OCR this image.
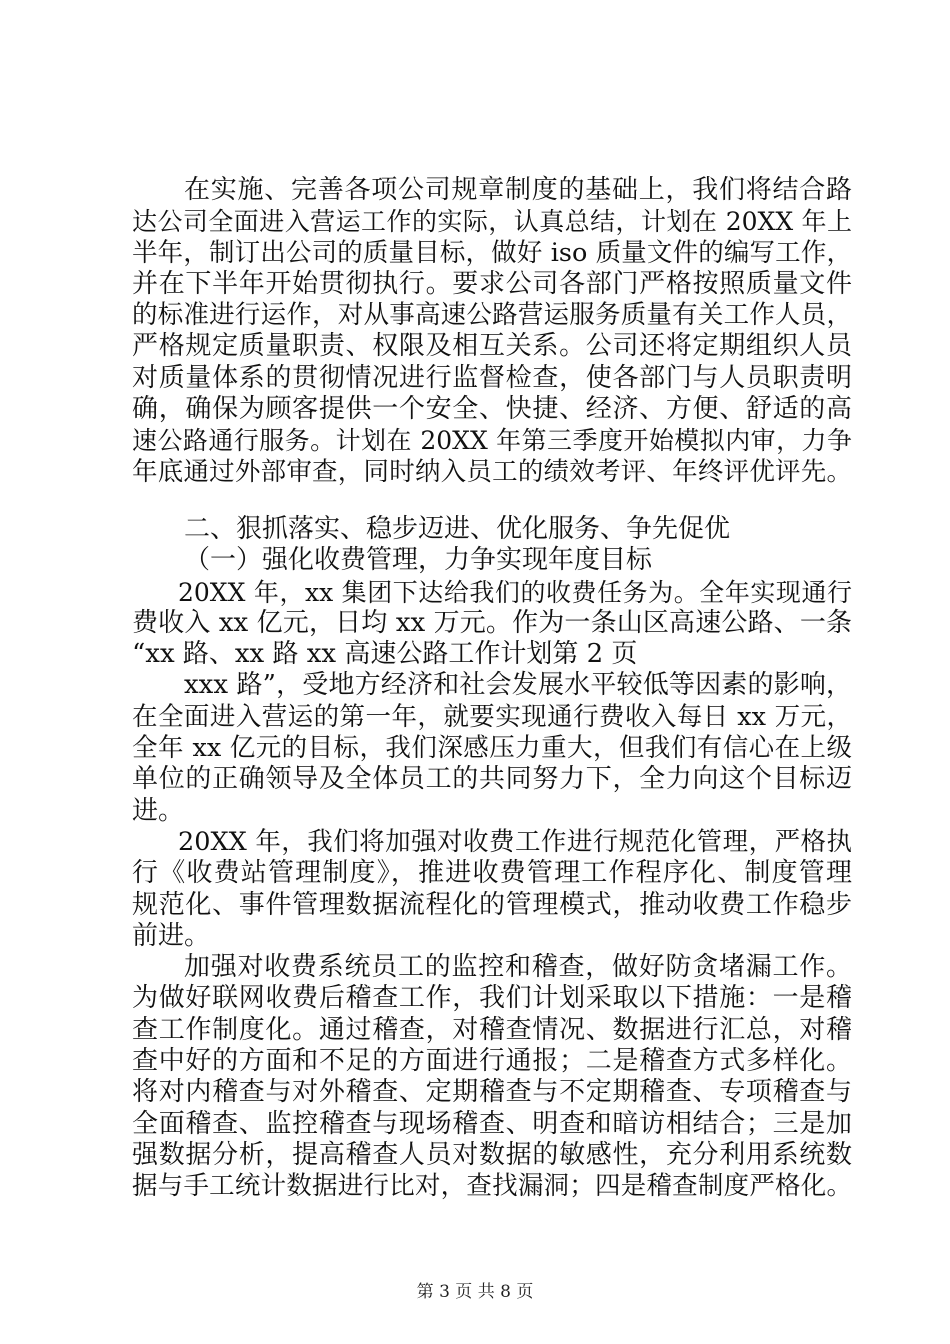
在实施、完善各项公司规章制度的基础上，我们将结合路
达公司全面进入营运工作的实际，认真总结，计划在 20XX 年上
半年，制订出公司的质量目标，做好 iso 质量文件的编写工作，
并在下半年开始贯彻执行。要求公司各部门严格按照质量文件
的标准进行运作，对从事高速公路营运服务质量有关工作人员，
严格规定质量职责、权限及相互关系。公司还将定期组织人员
对质量体系的贯彻情况进行监督检查，使各部门与人员职责明
确，确保为顾客提供一个安全、快捷、经济、方便、舒适的高
速公路通行服务。计划在 20XX 年第三季度开始模拟内审，力争
年底通过外部审查，同时纳入员工的绩效考评、年终评优评先。
二、狠抓落实、稳步迈进、优化服务、争先促优
（一）强化收费管理，力争实现年度目标
20XX 年，xx 集团下达给我们的收费任务为。全年实现通行
费收入 xx 亿元，日均 xx 万元。作为一条山区高速公路、一条
“xx 路、xx 路 xx 高速公路工作计划第 2 页
xxx 路”，受地方经济和社会发展水平较低等因素的影响，
在全面进入营运的第一年，就要实现通行费收入每日 xx 万元，
全年 xx 亿元的目标，我们深感压力重大，但我们有信心在上级
单位的正确领导及全体员工的共同努力下，全力向这个目标迈
进。
20XX 年，我们将加强对收费工作进行规范化管理，严格执
行《收费站管理制度》，推进收费管理工作程序化、制度管理
规范化、事件管理数据流程化的管理模式，推动收费工作稳步
前进。
加强对收费系统员工的监控和稽查，做好防贪堵漏工作。
为做好联网收费后稽查工作，我们计划采取以下措施：一是稽
查工作制度化。通过稽查，对稽查情况、数据进行汇总，对稽
查中好的方面和不足的方面进行通报；二是稽查方式多样化。
将对内稽查与对外稽查、定期稽查与不定期稽查、专项稽查与
全面稽查、监控稽查与现场稽查、明查和暗访相结合；三是加
强数据分析，提高稽查人员对数据的敏感性，充分利用系统数
据与手工统计数据进行比对，查找漏洞；四是稽查制度严格化。
第 3 页 共 8 页
